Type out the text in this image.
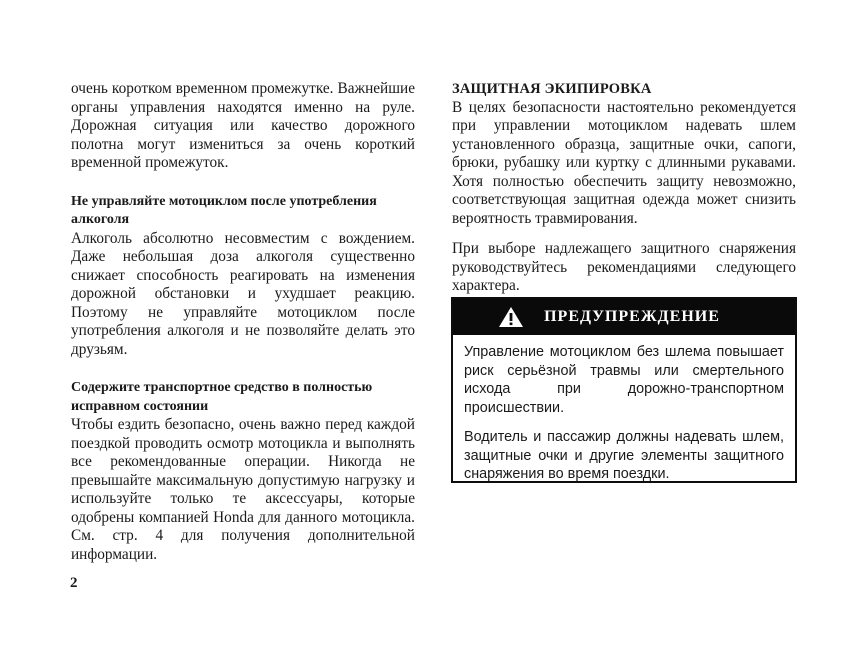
очень коротком временном промежутке. Важнейшие органы управления находятся именно на руле. Дорожная ситуация или качество дорожного полотна могут измениться за очень короткий временной промежуток.

Не управляйте мотоциклом после употребления алкоголя

Алкоголь абсолютно несовместим с вождением. Даже небольшая доза алкоголя существенно снижает способность реагировать на изменения дорожной обстановки и ухудшает реакцию. Поэтому не управляйте мотоциклом после употребления алкоголя и не позволяйте делать это друзьям.

Содержите транспортное средство в полностью исправном состоянии

Чтобы ездить безопасно, очень важно перед каждой поездкой проводить осмотр мотоцикла и выполнять все рекомендованные операции. Никогда не превышайте максимальную допустимую нагрузку и используйте только те аксессуары, которые одобрены компанией Honda для данного мотоцикла. См. стр. 4 для получения дополнительной информации.

ЗАЩИТНАЯ ЭКИПИРОВКА

В целях безопасности настоятельно рекомендуется при управлении мотоциклом надевать шлем установленного образца, защитные очки, сапоги, брюки, рубашку или куртку с длинными рукавами. Хотя полностью обеспечить защиту невозможно, соответствующая защитная одежда может снизить вероятность травмирования.

При выборе надлежащего защитного снаряжения руководствуйтесь рекомендациями следующего характера.

ПРЕДУПРЕЖДЕНИЕ

Управление мотоциклом без шлема повышает риск серьёзной травмы или смертельного исхода при дорожно-транспортном происшествии.

Водитель и пассажир должны надевать шлем, защитные очки и другие элементы защитного снаряжения во время поездки.

2
